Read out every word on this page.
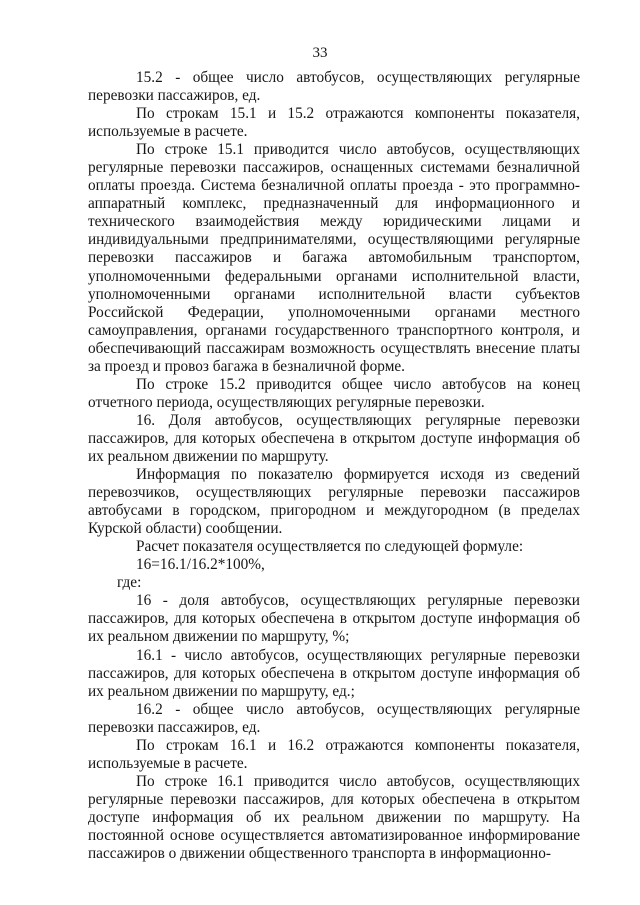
33

15.2 - общее число автобусов, осуществляющих регулярные перевозки пассажиров, ед.

По строкам 15.1 и 15.2 отражаются компоненты показателя, используемые в расчете.

По строке 15.1 приводится число автобусов, осуществляющих регулярные перевозки пассажиров, оснащенных системами безналичной оплаты проезда. Система безналичной оплаты проезда - это программно-аппаратный комплекс, предназначенный для информационного и технического взаимодействия между юридическими лицами и индивидуальными предпринимателями, осуществляющими регулярные перевозки пассажиров и багажа автомобильным транспортом, уполномоченными федеральными органами исполнительной власти, уполномоченными органами исполнительной власти субъектов Российской Федерации, уполномоченными органами местного самоуправления, органами государственного транспортного контроля, и обеспечивающий пассажирам возможность осуществлять внесение платы за проезд и провоз багажа в безналичной форме.

По строке 15.2 приводится общее число автобусов на конец отчетного периода, осуществляющих регулярные перевозки.

16. Доля автобусов, осуществляющих регулярные перевозки пассажиров, для которых обеспечена в открытом доступе информация об их реальном движении по маршруту.

Информация по показателю формируется исходя из сведений перевозчиков, осуществляющих регулярные перевозки пассажиров автобусами в городском, пригородном и междугородном (в пределах Курской области) сообщении.

Расчет показателя осуществляется по следующей формуле:

16=16.1/16.2*100%,

где:

16 - доля автобусов, осуществляющих регулярные перевозки пассажиров, для которых обеспечена в открытом доступе информация об их реальном движении по маршруту, %;

16.1 - число автобусов, осуществляющих регулярные перевозки пассажиров, для которых обеспечена в открытом доступе информация об их реальном движении по маршруту, ед.;

16.2 - общее число автобусов, осуществляющих регулярные перевозки пассажиров, ед.

По строкам 16.1 и 16.2 отражаются компоненты показателя, используемые в расчете.

По строке 16.1 приводится число автобусов, осуществляющих регулярные перевозки пассажиров, для которых обеспечена в открытом доступе информация об их реальном движении по маршруту. На постоянной основе осуществляется автоматизированное информирование пассажиров о движении общественного транспорта в информационно-
